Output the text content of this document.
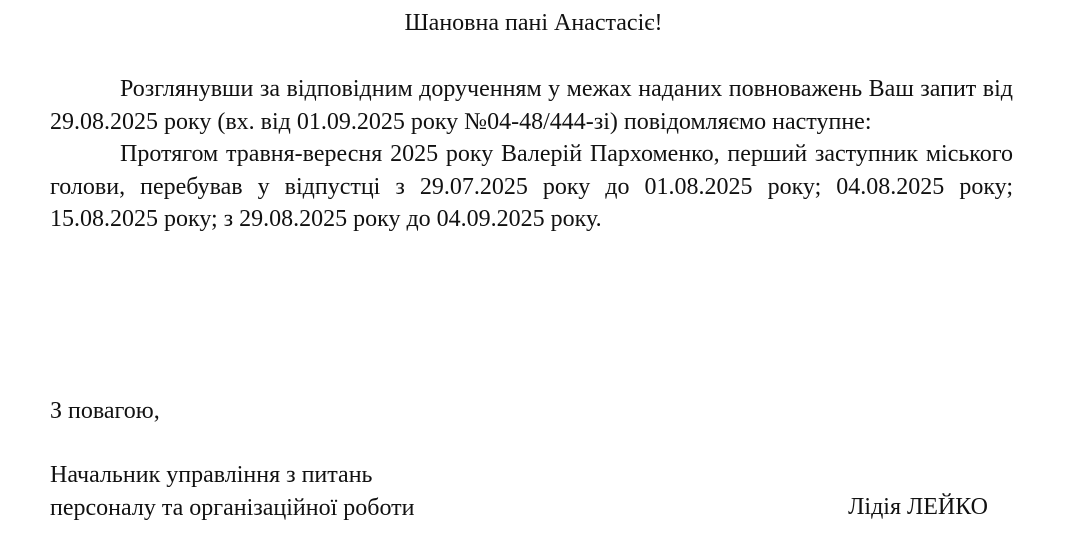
Шановна пані Анастасіє!

Розглянувши за відповідним дорученням у межах наданих повноважень Ваш запит від 29.08.2025 року (вх. від 01.09.2025 року №04-48/444-зі) повідомляємо наступне:

Протягом травня-вересня 2025 року Валерій Пархоменко, перший заступник міського голови, перебував у відпустці з 29.07.2025 року до 01.08.2025 року; 04.08.2025 року; 15.08.2025 року; з 29.08.2025 року до 04.09.2025 року.

З повагою,

Начальник управління з питань

персоналу та організаційної роботи	Лідія ЛЕЙКО
